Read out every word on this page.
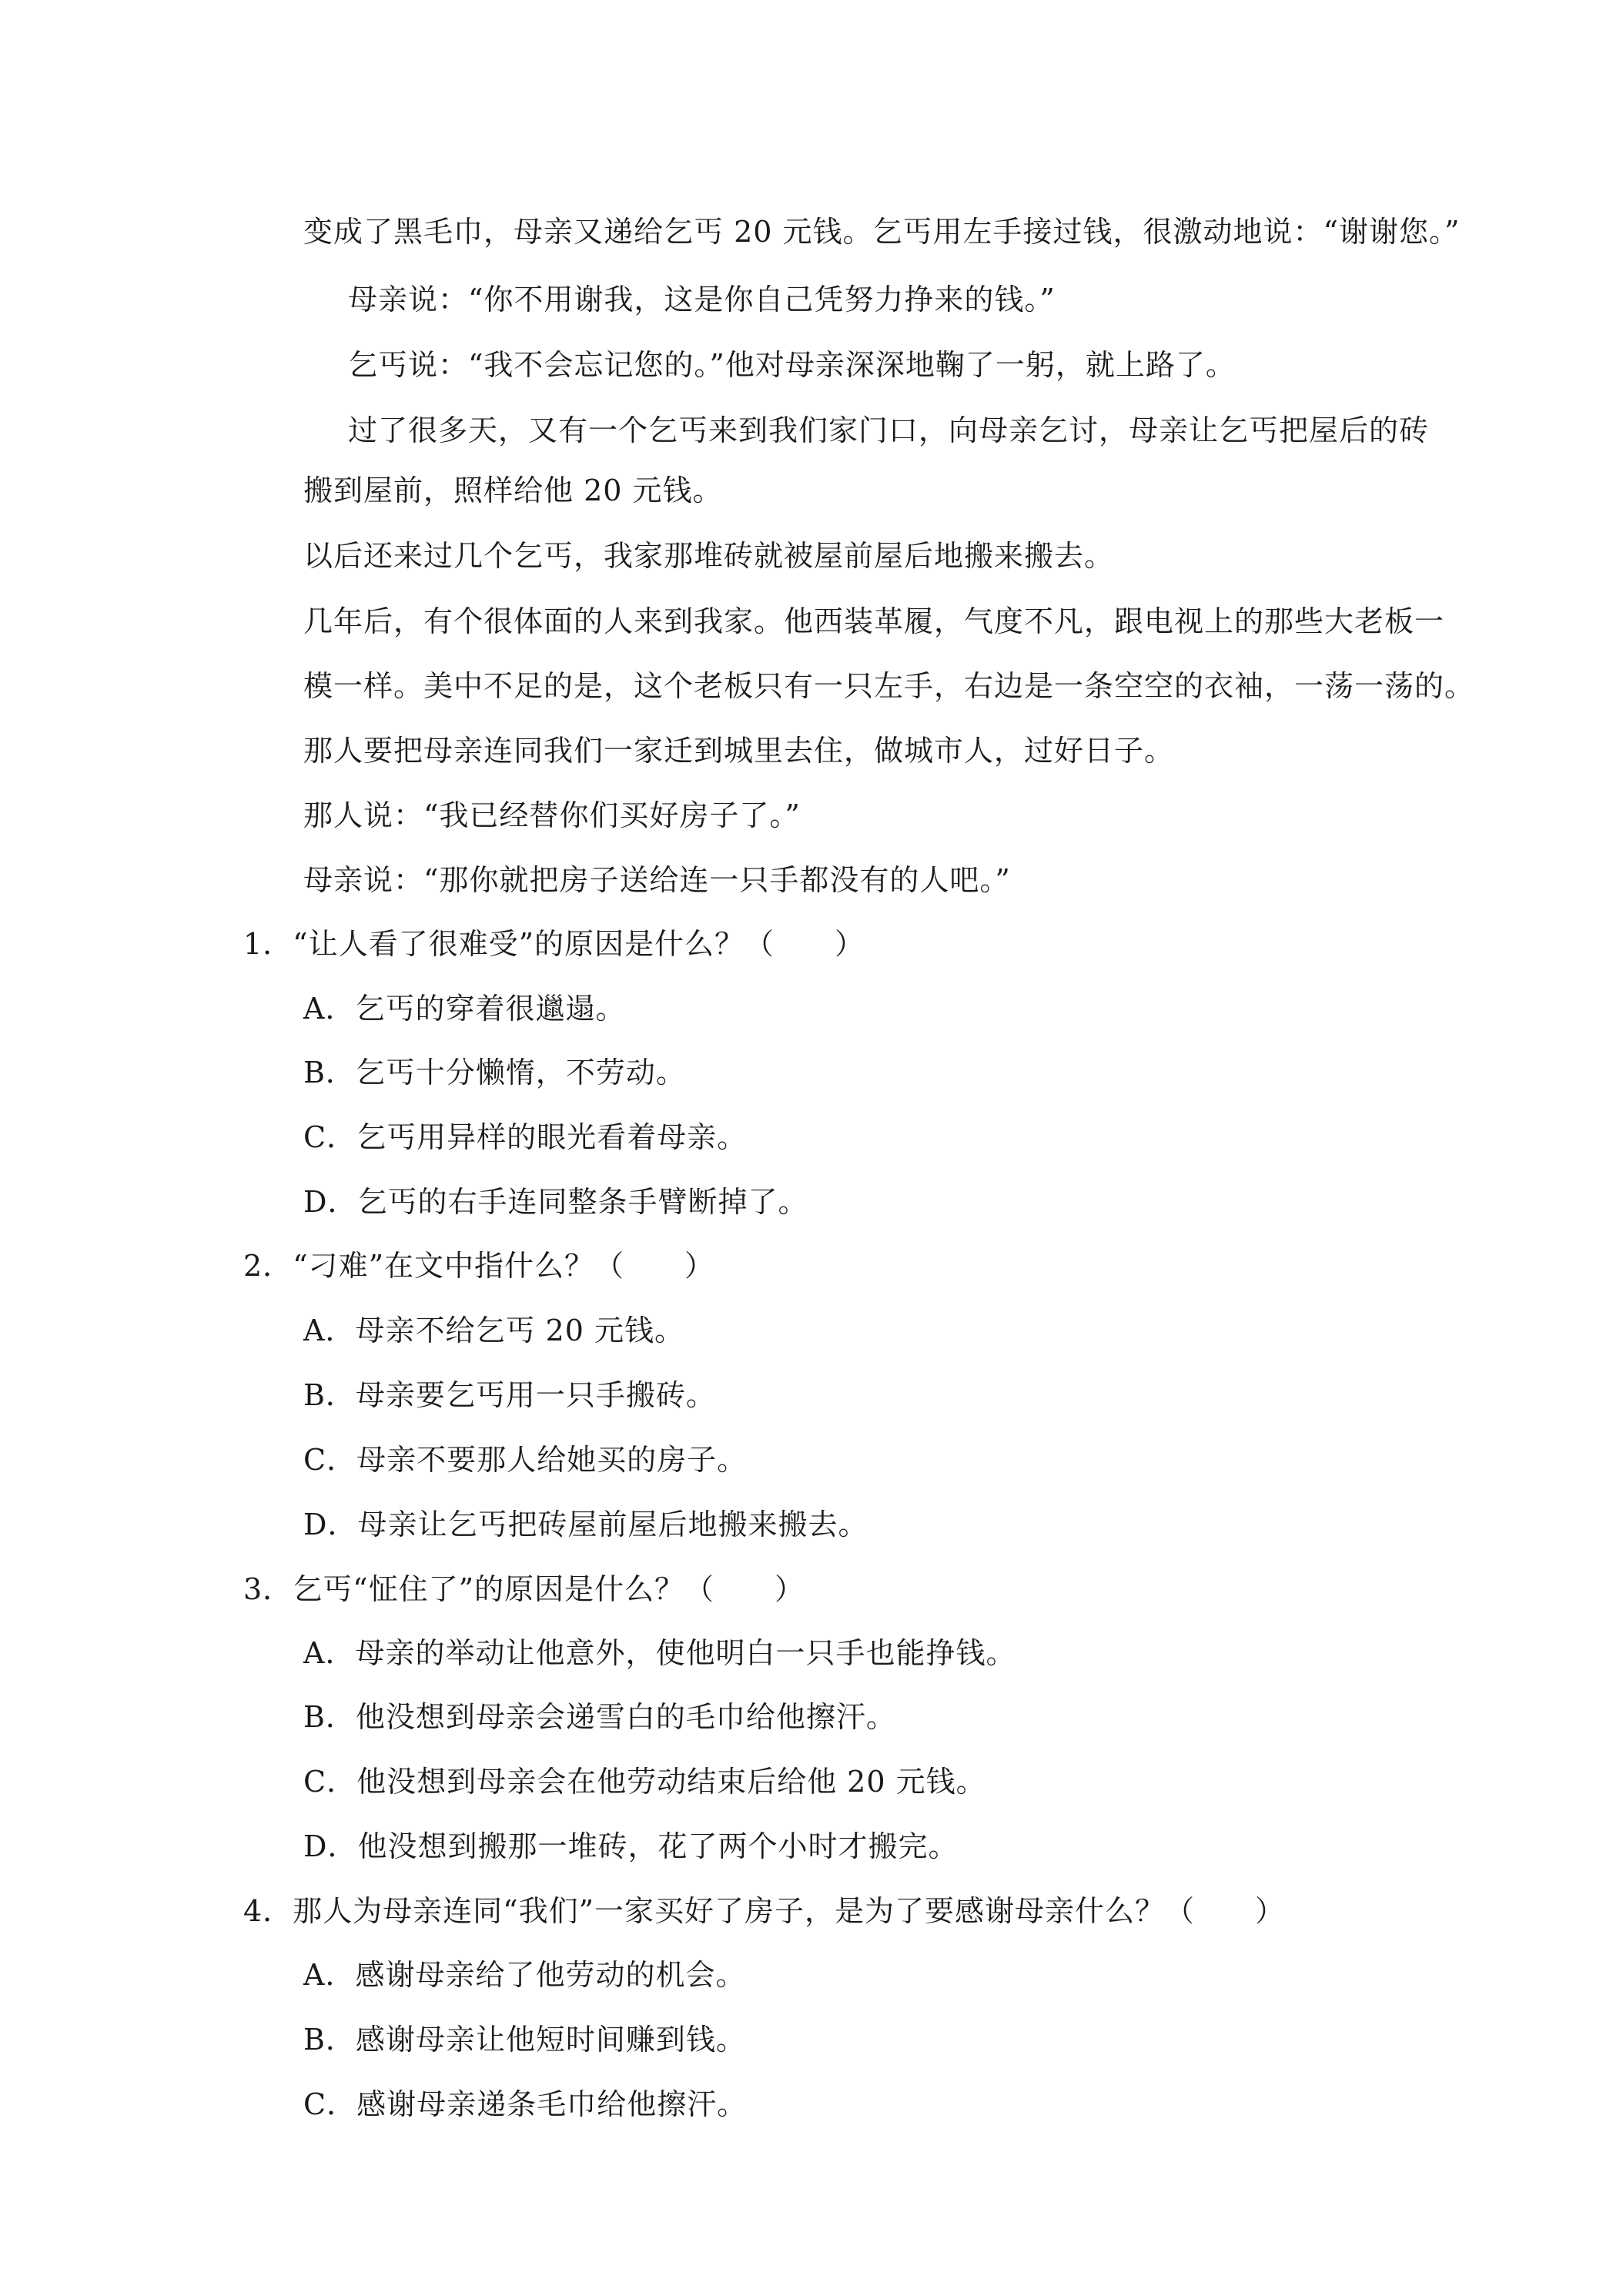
变成了黑毛巾，母亲又递给乞丐 20 元钱。乞丐用左手接过钱，很激动地说：“谢谢您。”
母亲说：“你不用谢我，这是你自己凭努力挣来的钱。”
乞丐说：“我不会忘记您的。”他对母亲深深地鞠了一躬，就上路了。
过了很多天，又有一个乞丐来到我们家门口，向母亲乞讨，母亲让乞丐把屋后的砖
搬到屋前，照样给他 20 元钱。
以后还来过几个乞丐，我家那堆砖就被屋前屋后地搬来搬去。
几年后，有个很体面的人来到我家。他西装革履，气度不凡，跟电视上的那些大老板一
模一样。美中不足的是，这个老板只有一只左手，右边是一条空空的衣袖，一荡一荡的。
那人要把母亲连同我们一家迁到城里去住，做城市人，过好日子。
那人说：“我已经替你们买好房子了。”
母亲说：“那你就把房子送给连一只手都没有的人吧。”
1．“让人看了很难受”的原因是什么？（　　）
A．乞丐的穿着很邋遢。
B．乞丐十分懒惰，不劳动。
C．乞丐用异样的眼光看着母亲。
D．乞丐的右手连同整条手臂断掉了。
2．“刁难”在文中指什么？（　　）
A．母亲不给乞丐 20 元钱。
B．母亲要乞丐用一只手搬砖。
C．母亲不要那人给她买的房子。
D．母亲让乞丐把砖屋前屋后地搬来搬去。
3．乞丐“怔住了”的原因是什么？（　　）
A．母亲的举动让他意外，使他明白一只手也能挣钱。
B．他没想到母亲会递雪白的毛巾给他擦汗。
C．他没想到母亲会在他劳动结束后给他 20 元钱。
D．他没想到搬那一堆砖，花了两个小时才搬完。
4．那人为母亲连同“我们”一家买好了房子，是为了要感谢母亲什么？（　　）
A．感谢母亲给了他劳动的机会。
B．感谢母亲让他短时间赚到钱。
C．感谢母亲递条毛巾给他擦汗。
